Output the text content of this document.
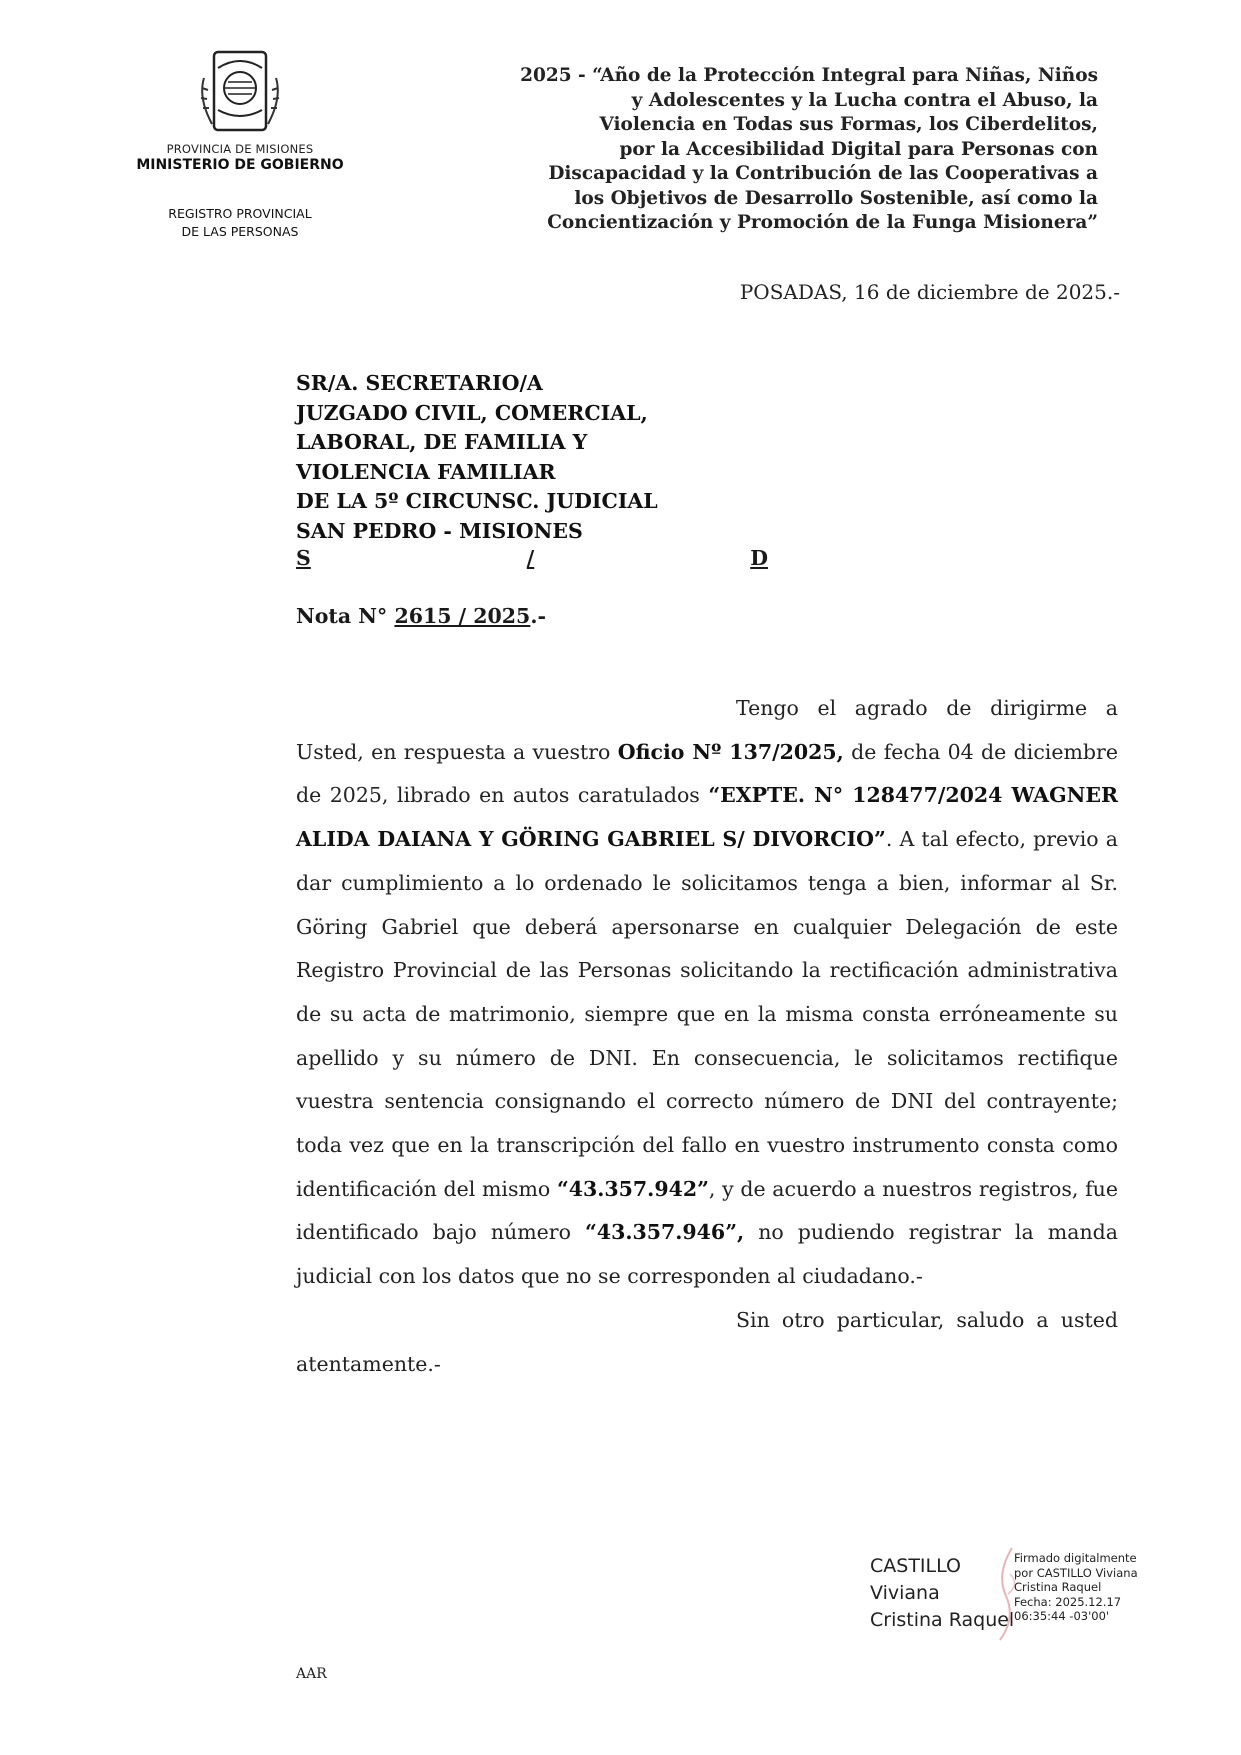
PROVINCIA DE MISIONES
MINISTERIO DE GOBIERNO
REGISTRO PROVINCIAL
DE LAS PERSONAS
2025 - “Año de la Protección Integral para Niñas, Niños
y Adolescentes y la Lucha contra el Abuso, la
Violencia en Todas sus Formas, los Ciberdelitos,
por la Accesibilidad Digital para Personas con
Discapacidad y la Contribución de las Cooperativas a
los Objetivos de Desarrollo Sostenible, así como la
Concientización y Promoción de la Funga Misionera”
POSADAS, 16 de diciembre de 2025.-
SR/A. SECRETARIO/A
JUZGADO CIVIL, COMERCIAL,
LABORAL, DE FAMILIA Y
VIOLENCIA FAMILIAR
DE LA 5º CIRCUNSC. JUDICIAL
SAN PEDRO - MISIONES
S	/	D
Nota N° 2615 / 2025.-

Tengo el agrado de dirigirme a Usted, en respuesta a vuestro Oficio Nº 137/2025, de fecha 04 de diciembre de 2025, librado en autos caratulados “EXPTE. N° 128477/2024 WAGNER ALIDA DAIANA Y GÖRING GABRIEL S/ DIVORCIO”. A tal efecto, previo a dar cumplimiento a lo ordenado le solicitamos tenga a bien, informar al Sr. Göring Gabriel que deberá apersonarse en cualquier Delegación de este Registro Provincial de las Personas solicitando la rectificación administrativa de su acta de matrimonio, siempre que en la misma consta erróneamente su apellido y su número de DNI. En consecuencia, le solicitamos rectifique vuestra sentencia consignando el correcto número de DNI del contrayente; toda vez que en la transcripción del fallo en vuestro instrumento consta como identificación del mismo “43.357.942”, y de acuerdo a nuestros registros, fue identificado bajo número “43.357.946”, no pudiendo registrar la manda judicial con los datos que no se corresponden al ciudadano.-

Sin otro particular, saludo a usted atentamente.-

CASTILLO
Viviana
Cristina Raquel
Firmado digitalmente
por CASTILLO Viviana
Cristina Raquel
Fecha: 2025.12.17
06:35:44 -03'00'
AAR
